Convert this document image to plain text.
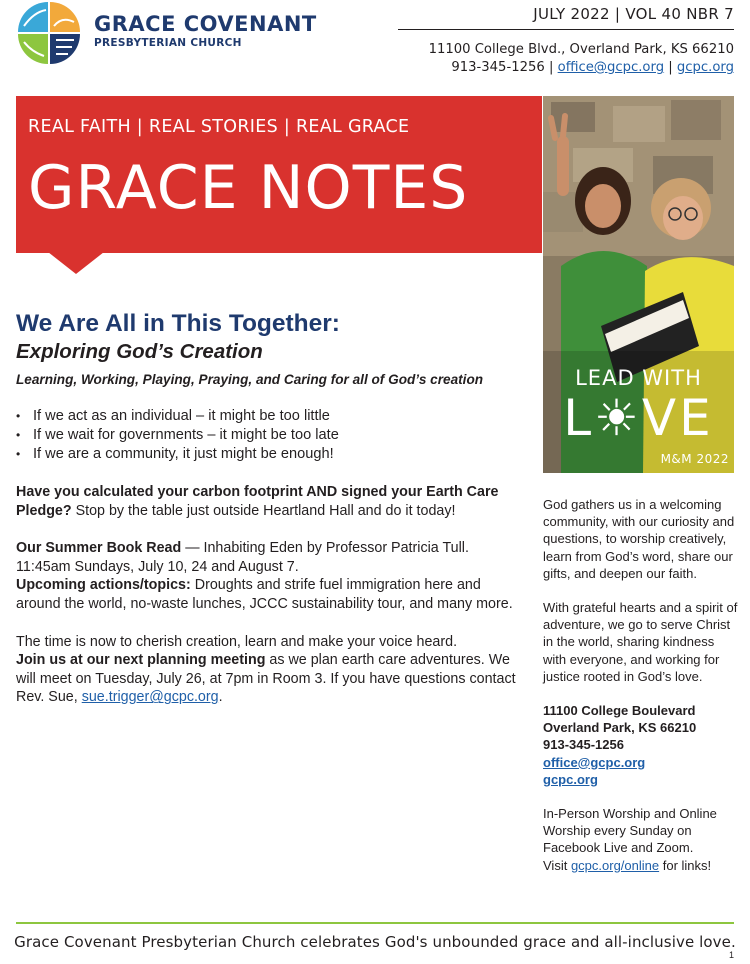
GRACE COVENANT
PRESBYTERIAN CHURCH
JULY 2022 | VOL 40 NBR 7
11100 College Blvd., Overland Park, KS 66210
913-345-1256 | office@gcpc.org | gcpc.org
REAL FAITH | REAL STORIES | REAL GRACE
GRACE NOTES
LEAD WITH
L☀VE
M&M 2022
We Are All in This Together:
Exploring God’s Creation
Learning, Working, Playing, Praying, and Caring for all of God’s creation
• If we act as an individual – it might be too little
• If we wait for governments – it might be too late
• If we are a community, it just might be enough!

Have you calculated your carbon footprint AND signed your Earth Care Pledge? Stop by the table just outside Heartland Hall and do it today!

Our Summer Book Read — Inhabiting Eden by Professor Patricia Tull. 11:45am Sundays, July 10, 24 and August 7.

Upcoming actions/topics: Droughts and strife fuel immigration here and around the world, no-waste lunches, JCCC sustainability tour, and many more.

The time is now to cherish creation, learn and make your voice heard.
Join us at our next planning meeting as we plan earth care adventures. We will meet on Tuesday, July 26, at 7pm in Room 3. If you have questions contact Rev. Sue, sue.trigger@gcpc.org.

God gathers us in a welcoming community, with our curiosity and questions, to worship creatively, learn from God’s word, share our gifts, and deepen our faith.

With grateful hearts and a spirit of adventure, we go to serve Christ in the world, sharing kindness with everyone, and working for justice rooted in God’s love.

11100 College Boulevard
Overland Park, KS 66210
913-345-1256
office@gcpc.org
gcpc.org

In-Person Worship and Online Worship every Sunday on Facebook Live and Zoom.
Visit gcpc.org/online for links!

Grace Covenant Presbyterian Church celebrates God's unbounded grace and all-inclusive love.
1
